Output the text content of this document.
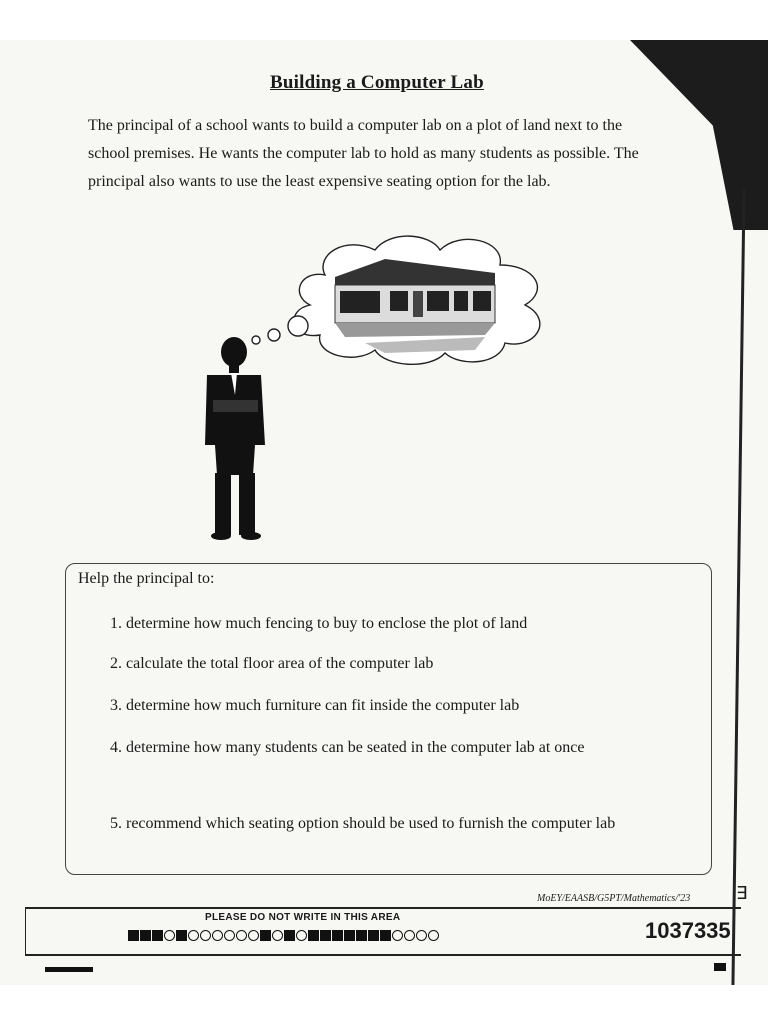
Building a Computer Lab

The principal of a school wants to build a computer lab on a plot of land next to the
school premises. He wants the computer lab to hold as many students as possible. The
principal also wants to use the least expensive seating option for the lab.

Help the principal to:
1. determine how much fencing to buy to enclose the plot of land
2. calculate the total floor area of the computer lab
3. determine how much furniture can fit inside the computer lab
4. determine how many students can be seated in the computer lab at once
5. recommend which seating option should be used to furnish the computer lab
MoEY/EAASB/G5PT/Mathematics/'23	∃
PLEASE DO NOT WRITE IN THIS AREA
1037335
